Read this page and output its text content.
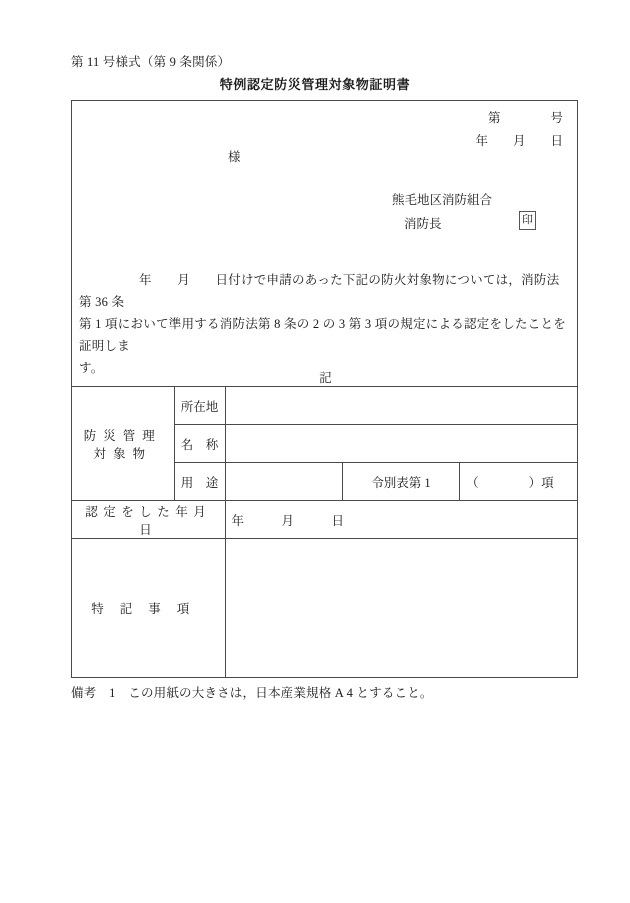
第 11 号様式（第 9 条関係）
特例認定防災管理対象物証明書
第　　　　号
年　　月　　日
様
熊毛地区消防組合
消防長	印
年　　月　　日付けで申請のあった下記の防火対象物については，消防法第 36 条
第 1 項において準用する消防法第 8 条の 2 の 3 第 3 項の規定による認定をしたことを証明しま
す。
記
防災管理対象物	所在地			
	名　称			
	用　途		令別表第 1	（　　　　）項
認定をした年月日		年　　　月　　　日		
特記事項				
備考　1　この用紙の大きさは，日本産業規格 A 4 とすること。
